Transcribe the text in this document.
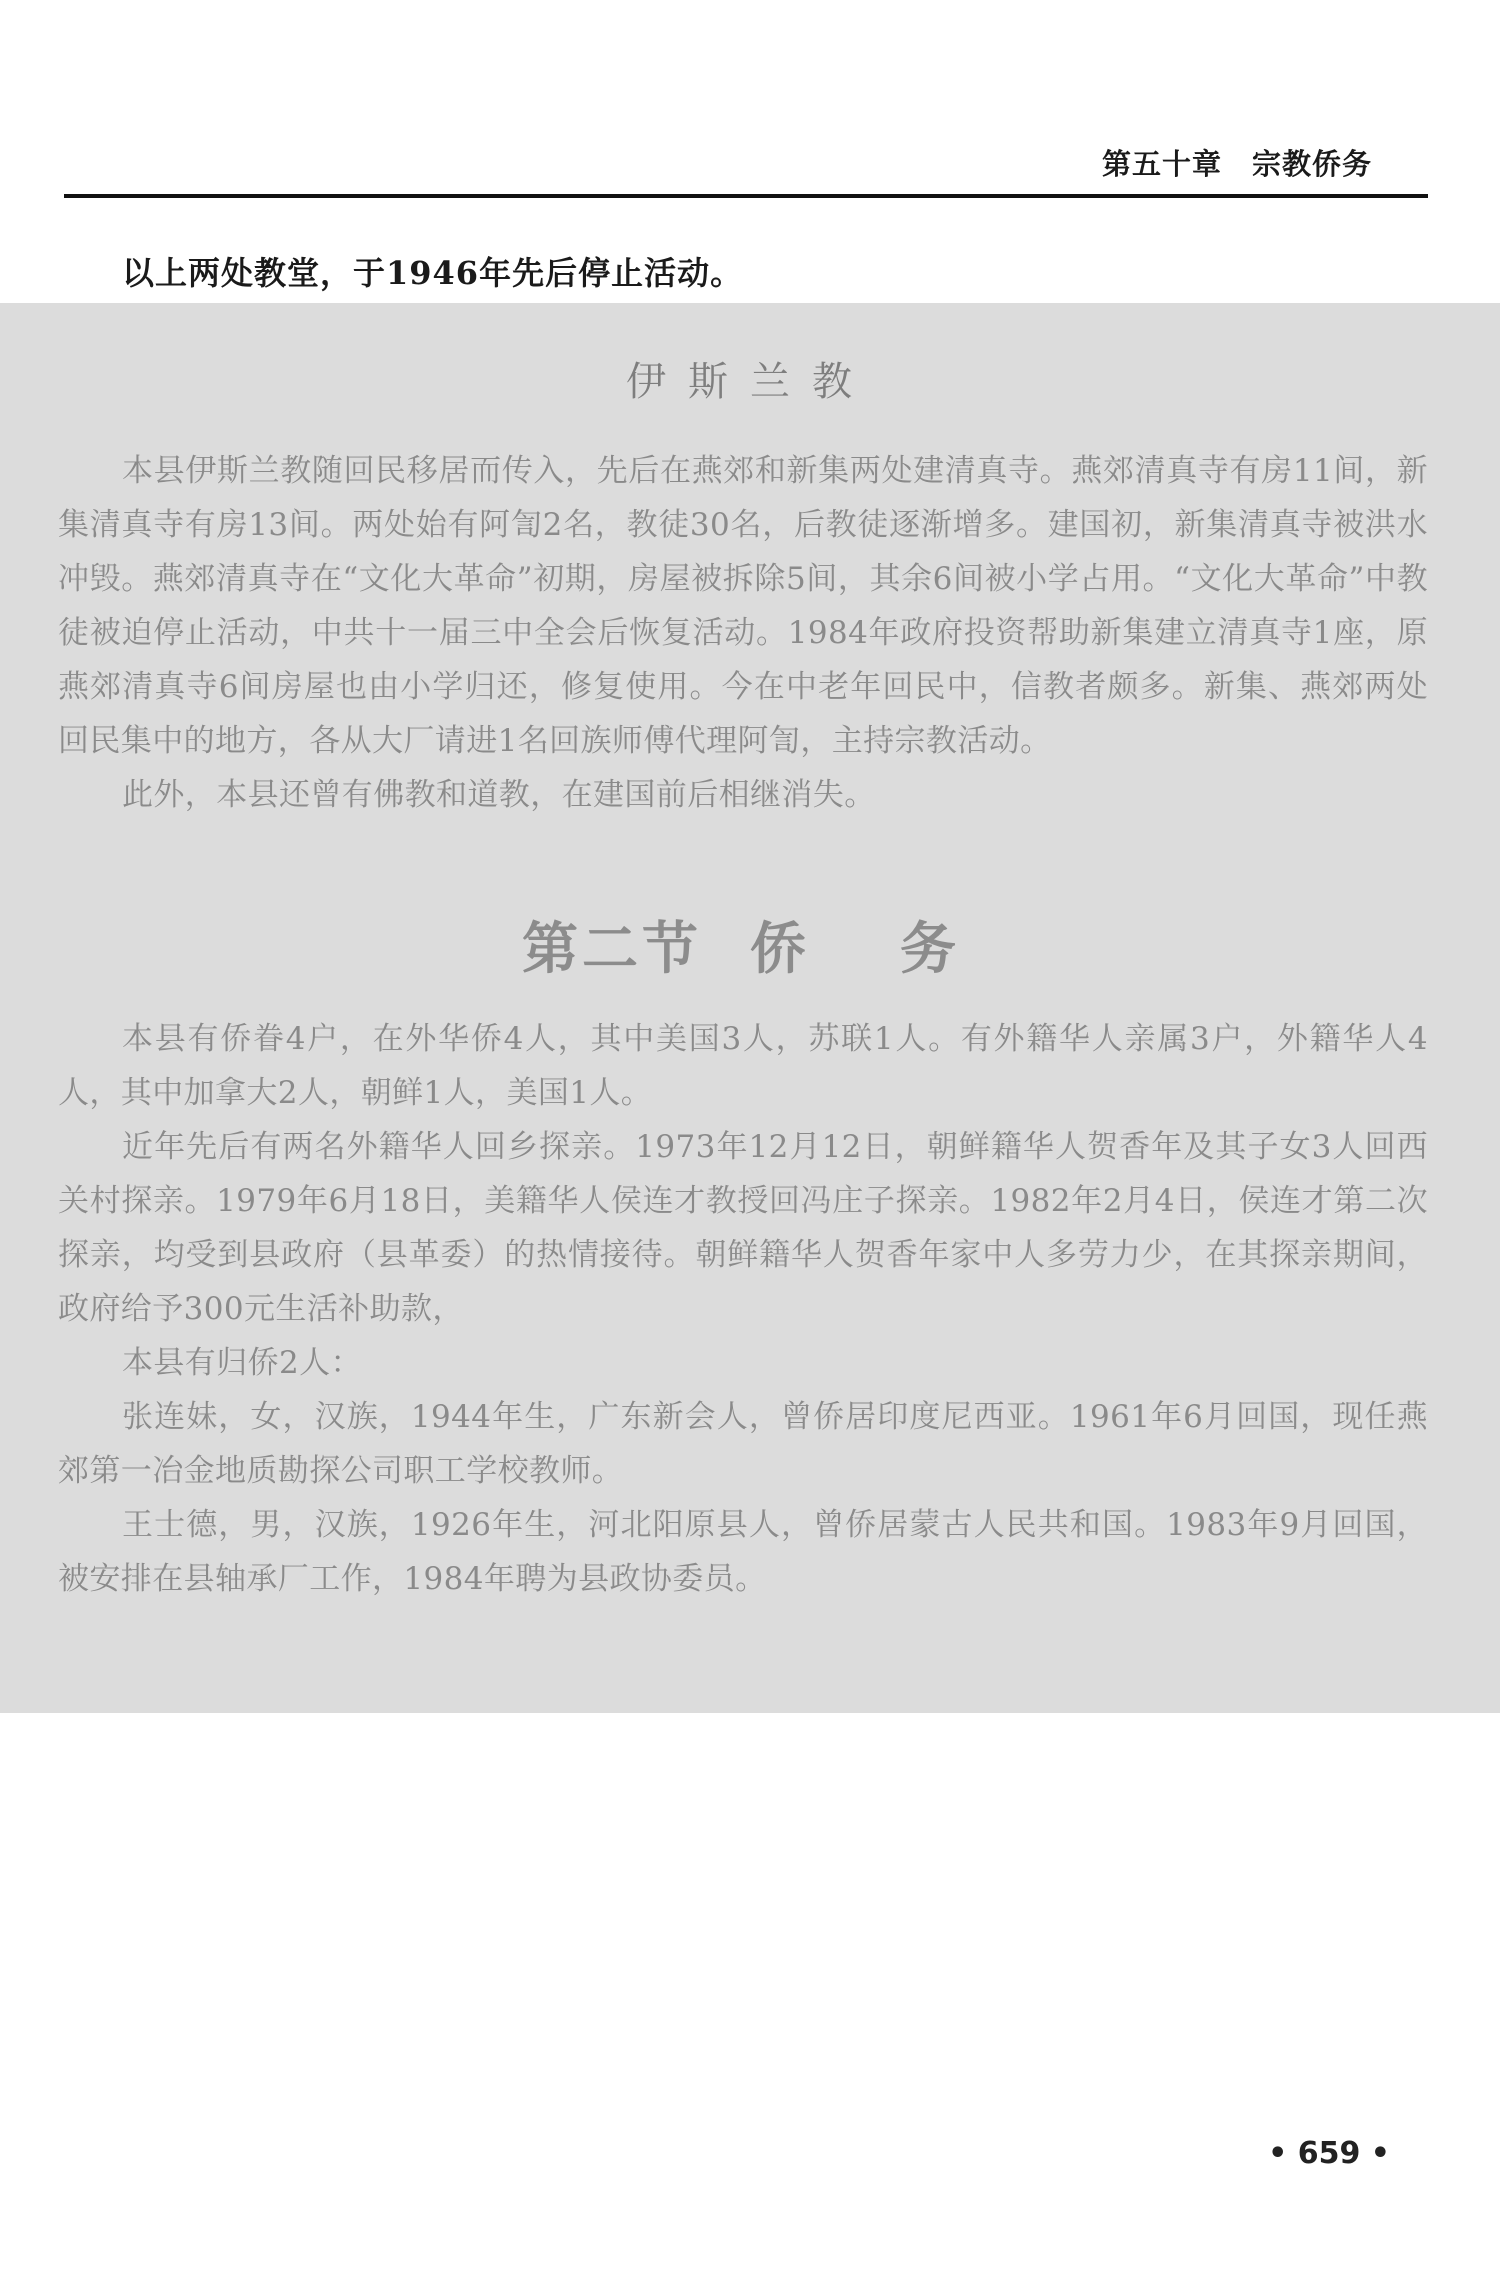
第五十章　宗教侨务
以上两处教堂，于1946年先后停止活动。
伊斯兰教

本县伊斯兰教随回民移居而传入，先后在燕郊和新集两处建清真寺。燕郊清真寺有房11间，新集清真寺有房13间。两处始有阿訇2名，教徒30名，后教徒逐渐增多。建国初，新集清真寺被洪水冲毁。燕郊清真寺在“文化大革命”初期，房屋被拆除5间，其余6间被小学占用。“文化大革命”中教徒被迫停止活动，中共十一届三中全会后恢复活动。1984年政府投资帮助新集建立清真寺1座，原燕郊清真寺6间房屋也由小学归还，修复使用。今在中老年回民中，信教者颇多。新集、燕郊两处回民集中的地方，各从大厂请进1名回族师傅代理阿訇，主持宗教活动。

此外，本县还曾有佛教和道教，在建国前后相继消失。

第二节 侨 务

本县有侨眷4户，在外华侨4人，其中美国3人，苏联1人。有外籍华人亲属3户，外籍华人4人，其中加拿大2人，朝鲜1人，美国1人。

近年先后有两名外籍华人回乡探亲。1973年12月12日，朝鲜籍华人贺香年及其子女3人回西关村探亲。1979年6月18日，美籍华人侯连才教授回冯庄子探亲。1982年2月4日，侯连才第二次探亲，均受到县政府（县革委）的热情接待。朝鲜籍华人贺香年家中人多劳力少，在其探亲期间，政府给予300元生活补助款，

本县有归侨2人：

张连妹，女，汉族，1944年生，广东新会人，曾侨居印度尼西亚。1961年6月回国，现任燕郊第一冶金地质勘探公司职工学校教师。

王士德，男，汉族，1926年生，河北阳原县人，曾侨居蒙古人民共和国。1983年9月回国，被安排在县轴承厂工作，1984年聘为县政协委员。

• 659 •
